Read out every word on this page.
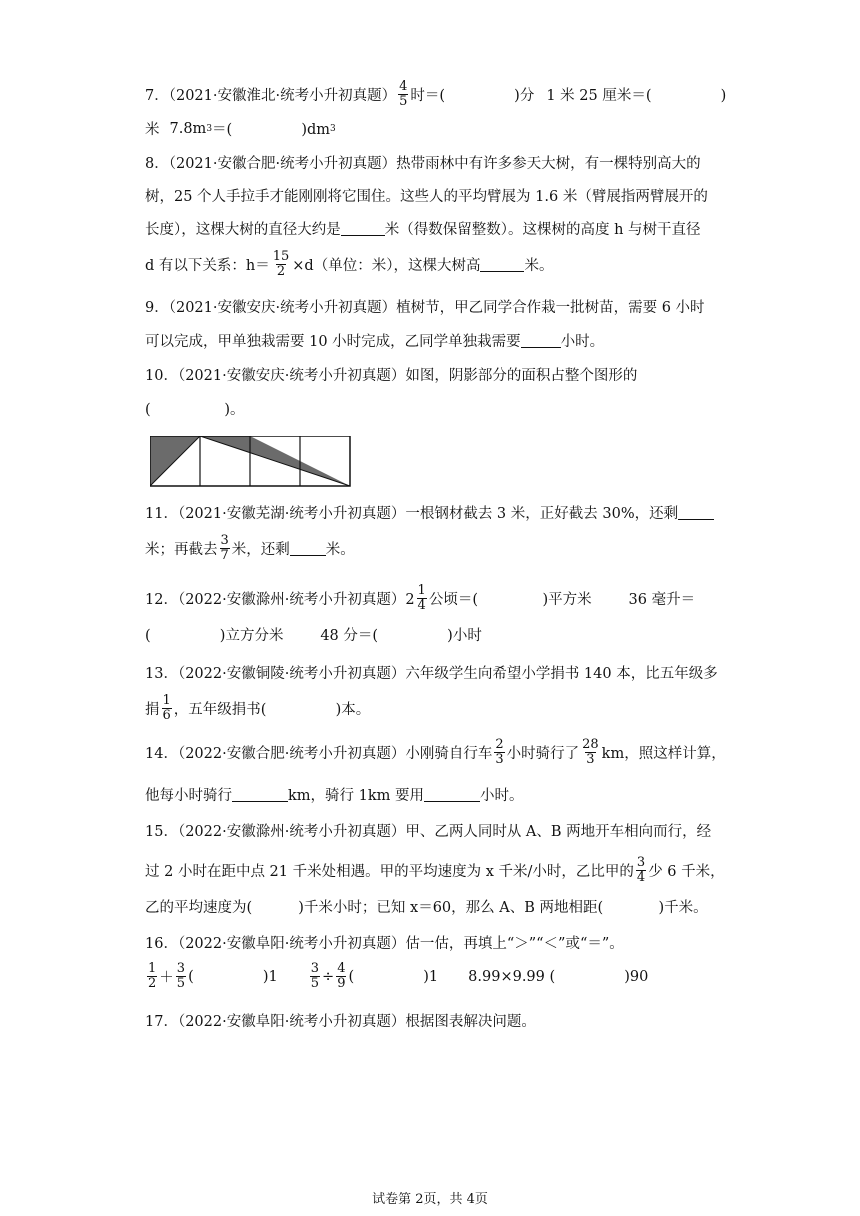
7．（2021·安徽淮北·统考小升初真题） $\frac{4}{5}$ 时＝(               )分 1 米 25 厘米＝(               )
米 7.8m 3 ＝(               )dm 3
8．（2021·安徽合肥·统考小升初真题）热带雨林中有许多参天大树，有一棵特别高大的
树，25 个人手拉手才能刚刚将它围住。这些人的平均臂展为 1.6 米（臂展指两臂展开的
长度），这棵大树的直径大约是	米（得数保留整数）。这棵树的高度 h 与树干直径
d 有以下关系：$h= \frac{15}{2} \times d$（单位：米），这棵大树高	米。
9．（2021·安徽安庆·统考小升初真题）植树节，甲乙同学合作栽一批树苗，需要 6 小时
可以完成，甲单独栽需要 10 小时完成，乙同学单独栽需要	小时。
10．（2021·安徽安庆·统考小升初真题）如图，阴影部分的面积占整个图形的
(                )。
11．（2021·安徽芜湖·统考小升初真题）一根钢材截去 3 米，正好截去 30%，还剩
米；再截去 $\frac{3}{7}$ 米，还剩 米。
12．（2022·安徽滁州·统考小升初真题）$2 \frac{1}{4}$ 公顷＝(              )平方米        36 毫升＝
(               )立方分米        48 分＝(               )小时
13．（2022·安徽铜陵·统考小升初真题）六年级学生向希望小学捐书 140 本，比五年级多
捐 $\frac{1}{6}$ ，五年级捐书(               )本。
14．（2022·安徽合肥·统考小升初真题）小刚骑自行车 $\frac{2}{3}$ 小时骑行了 $\frac{28}{3}$ km，照这样计算，
他每小时骑行	km，骑行 1km 要用	小时。
15．（2022·安徽滁州·统考小升初真题）甲、乙两人同时从 A、B 两地开车相向而行，经
过 2 小时在距中点 21 千米处相遇。甲的平均速度为 x 千米/小时，乙比甲的 $\frac{3}{4}$ 少 6 千米，
乙的平均速度为(          )千米小时；已知 x＝60，那么 A、B 两地相距(            )千米。
16．（2022·安徽阜阳·统考小升初真题）估一估，再填上“＞”“＜”或“＝”。
$\frac{1}{2} + \frac{3}{5}$ (               )$1 \frac{3}{5} \div \frac{4}{9}$ (               )1 8.99×9.99 (               )90
17．（2022·安徽阜阳·统考小升初真题）根据图表解决问题。
试卷第 2页，共 4页
